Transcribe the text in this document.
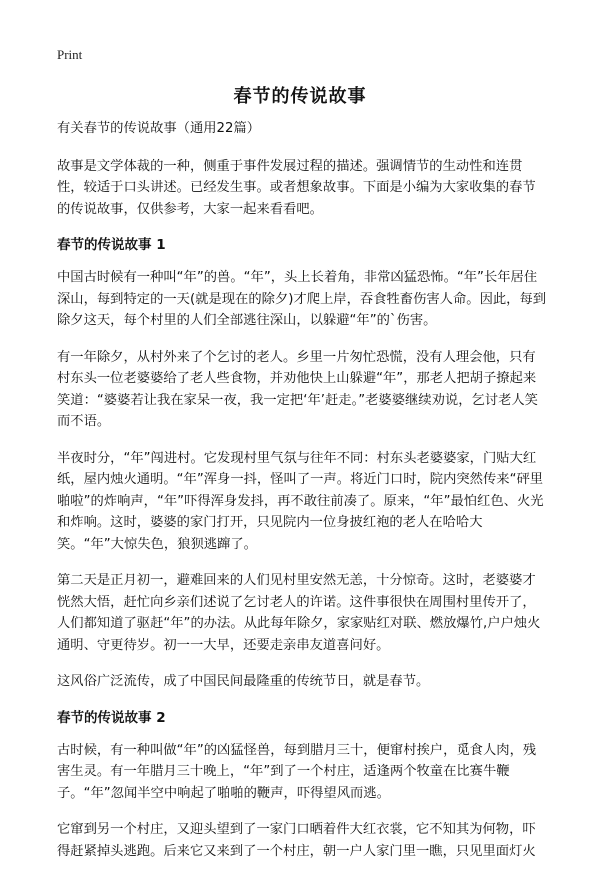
Print
春节的传说故事

有关春节的传说故事（通用22篇）

故事是文学体裁的一种，侧重于事件发展过程的描述。强调情节的生动性和连贯性，较适于口头讲述。已经发生事。或者想象故事。下面是小编为大家收集的春节的传说故事，仅供参考，大家一起来看看吧。

春节的传说故事 1

中国古时候有一种叫“年”的兽。“年”，头上长着角，非常凶猛恐怖。“年”长年居住深山，每到特定的一天(就是现在的除夕)才爬上岸，吞食牲畜伤害人命。因此，每到除夕这天，每个村里的人们全部逃往深山，以躲避“年”的`伤害。

有一年除夕，从村外来了个乞讨的老人。乡里一片匆忙恐慌，没有人理会他，只有村东头一位老婆婆给了老人些食物，并劝他快上山躲避“年”，那老人把胡子撩起来笑道：“婆婆若让我在家呆一夜，我一定把‘年’赶走。”老婆婆继续劝说，乞讨老人笑而不语。

半夜时分，“年”闯进村。它发现村里气氛与往年不同：村东头老婆婆家，门贴大红纸，屋内烛火通明。“年”浑身一抖，怪叫了一声。将近门口时，院内突然传来“砰里啪啦”的炸响声，“年”吓得浑身发抖，再不敢往前凑了。原来，“年”最怕红色、火光和炸响。这时，婆婆的家门打开，只见院内一位身披红袍的老人在哈哈大笑。“年”大惊失色，狼狈逃蹿了。

第二天是正月初一，避难回来的人们见村里安然无恙，十分惊奇。这时，老婆婆才恍然大悟，赶忙向乡亲们述说了乞讨老人的许诺。这件事很快在周围村里传开了，人们都知道了驱赶“年”的办法。从此每年除夕，家家贴红对联、燃放爆竹,户户烛火通明、守更待岁。初一一大早，还要走亲串友道喜问好。

这风俗广泛流传，成了中国民间最隆重的传统节日，就是春节。

春节的传说故事 2

古时候，有一种叫做“年”的凶猛怪兽，每到腊月三十，便窜村挨户，觅食人肉，残害生灵。有一年腊月三十晚上，“年”到了一个村庄，适逢两个牧童在比赛牛鞭子。“年”忽闻半空中响起了啪啪的鞭声，吓得望风而逃。

它窜到另一个村庄，又迎头望到了一家门口晒着件大红衣裳，它不知其为何物，吓得赶紧掉头逃跑。后来它又来到了一个村庄，朝一户人家门里一瞧，只见里面灯火
